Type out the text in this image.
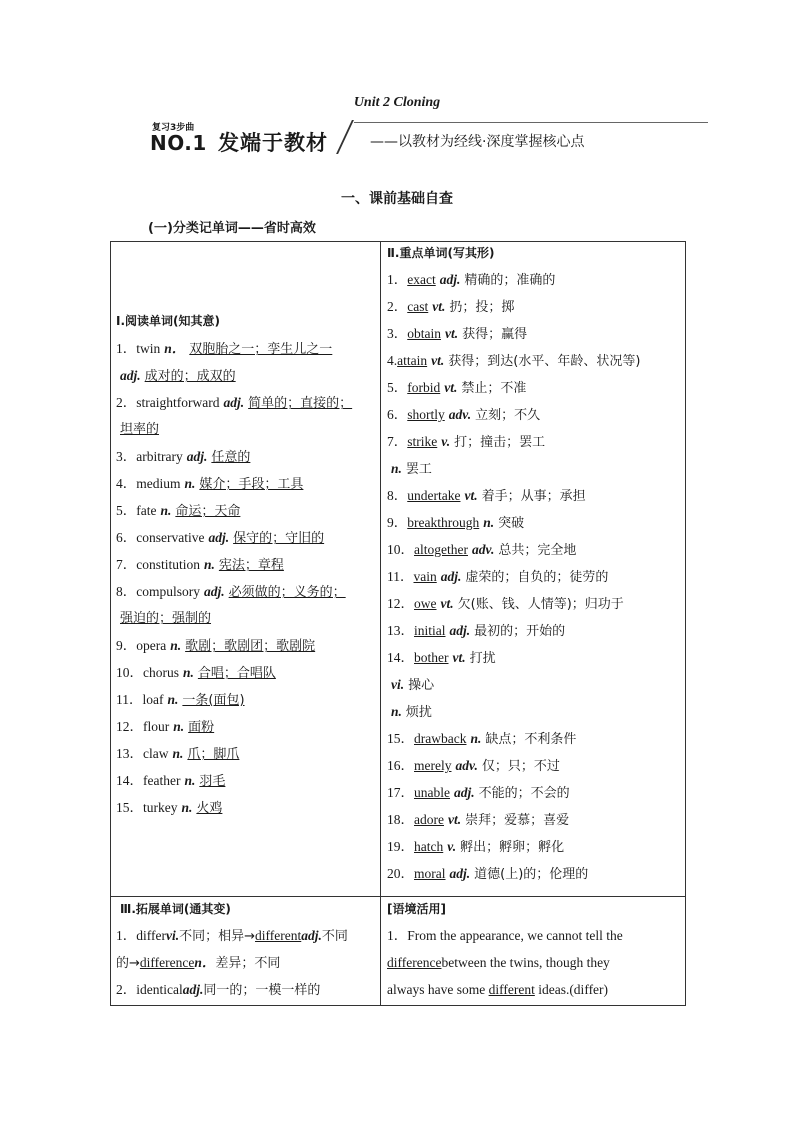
Unit 2 Cloning
复习3步曲
NO.1 发端于教材	——以教材为经线·深度掌握核心点
一、课前基础自查
(一)分类记单词——省时高效
Ⅰ.阅读单词(知其意)
1．twin n． 双胞胎之一；孪生儿之一
adj. 成对的；成双的
2．straightforward adj. 简单的；直接的；
坦率的
3．arbitrary adj. 任意的
4．medium n. 媒介；手段；工具
5．fate n. 命运；天命
6．conservative adj. 保守的；守旧的
7．constitution n. 宪法；章程
8．compulsory adj. 必须做的；义务的；
强迫的；强制的
9．opera n. 歌剧；歌剧团；歌剧院
10．chorus n. 合唱；合唱队
11．loaf n. 一条(面包)
12．flour n. 面粉
13．claw n. 爪；脚爪
14．feather n. 羽毛
15．turkey n. 火鸡
Ⅱ.重点单词(写其形)
1．exact adj. 精确的；准确的
2．cast vt. 扔；投；掷
3．obtain vt. 获得；赢得
4.attain vt. 获得；到达(水平、年龄、状况等)
5．forbid vt. 禁止；不准
6．shortly adv. 立刻；不久
7．strike v. 打；撞击；罢工
n. 罢工
8．undertake vt. 着手；从事；承担
9．breakthrough n. 突破
10．altogether adv. 总共；完全地
11．vain adj. 虚荣的；自负的；徒劳的
12．owe vt. 欠(账、钱、人情等)；归功于
13．initial adj. 最初的；开始的
14．bother vt. 打扰
vi. 操心
n. 烦扰
15．drawback n. 缺点；不利条件
16．merely adv. 仅；只；不过
17．unable adj. 不能的；不会的
18．adore vt. 崇拜；爱慕；喜爱
19．hatch v. 孵出；孵卵；孵化
20．moral adj. 道德(上)的；伦理的
Ⅲ.拓展单词(通其变)
1．differvi.不同；相异→differentadj.不同
的→differencen．差异；不同
2．identicaladj.同一的；一模一样的
[语境活用]
1．From the appearance, we cannot tell the
differencebetween the twins, though they
always have some different ideas.(differ)
